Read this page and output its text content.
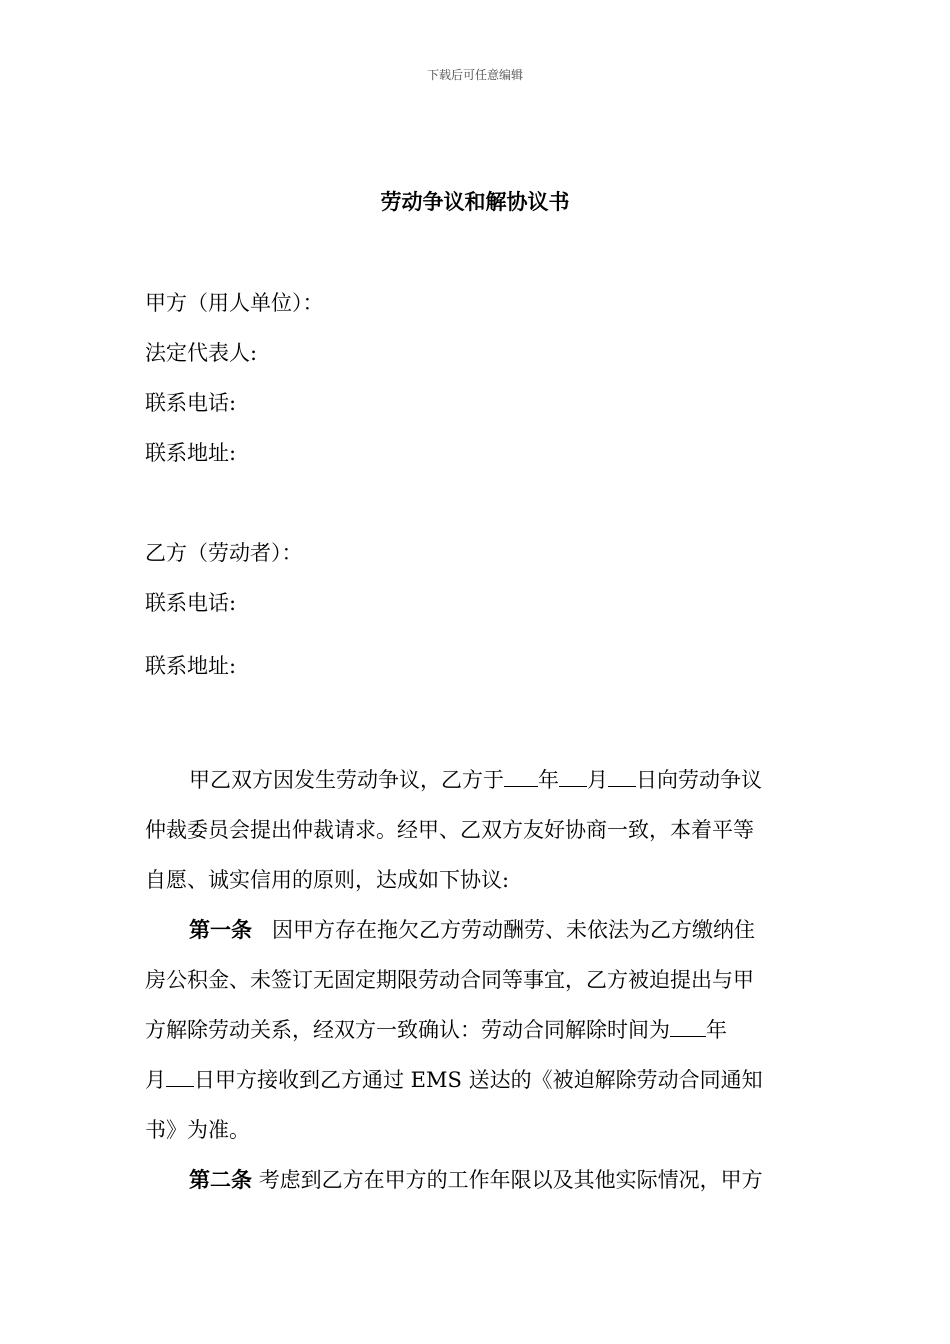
下载后可任意编辑
劳动争议和解协议书
甲方（用人单位）：
法定代表人:
联系电话:
联系地址:
乙方（劳动者）：
联系电话:
联系地址:
甲乙双方因发生劳动争议，乙方于 年 月 日向劳动争议
仲裁委员会提出仲裁请求。经甲、乙双方友好协商一致，本着平等
自愿、诚实信用的原则，达成如下协议:
第一条 因甲方存在拖欠乙方劳动酬劳、未依法为乙方缴纳住
房公积金、未签订无固定期限劳动合同等事宜，乙方被迫提出与甲
方解除劳动关系，经双方一致确认：劳动合同解除时间为 年
月 日甲方接收到乙方通过 EMS 送达的《被迫解除劳动合同通知
书》为准。
第二条 考虑到乙方在甲方的工作年限以及其他实际情况，甲方
